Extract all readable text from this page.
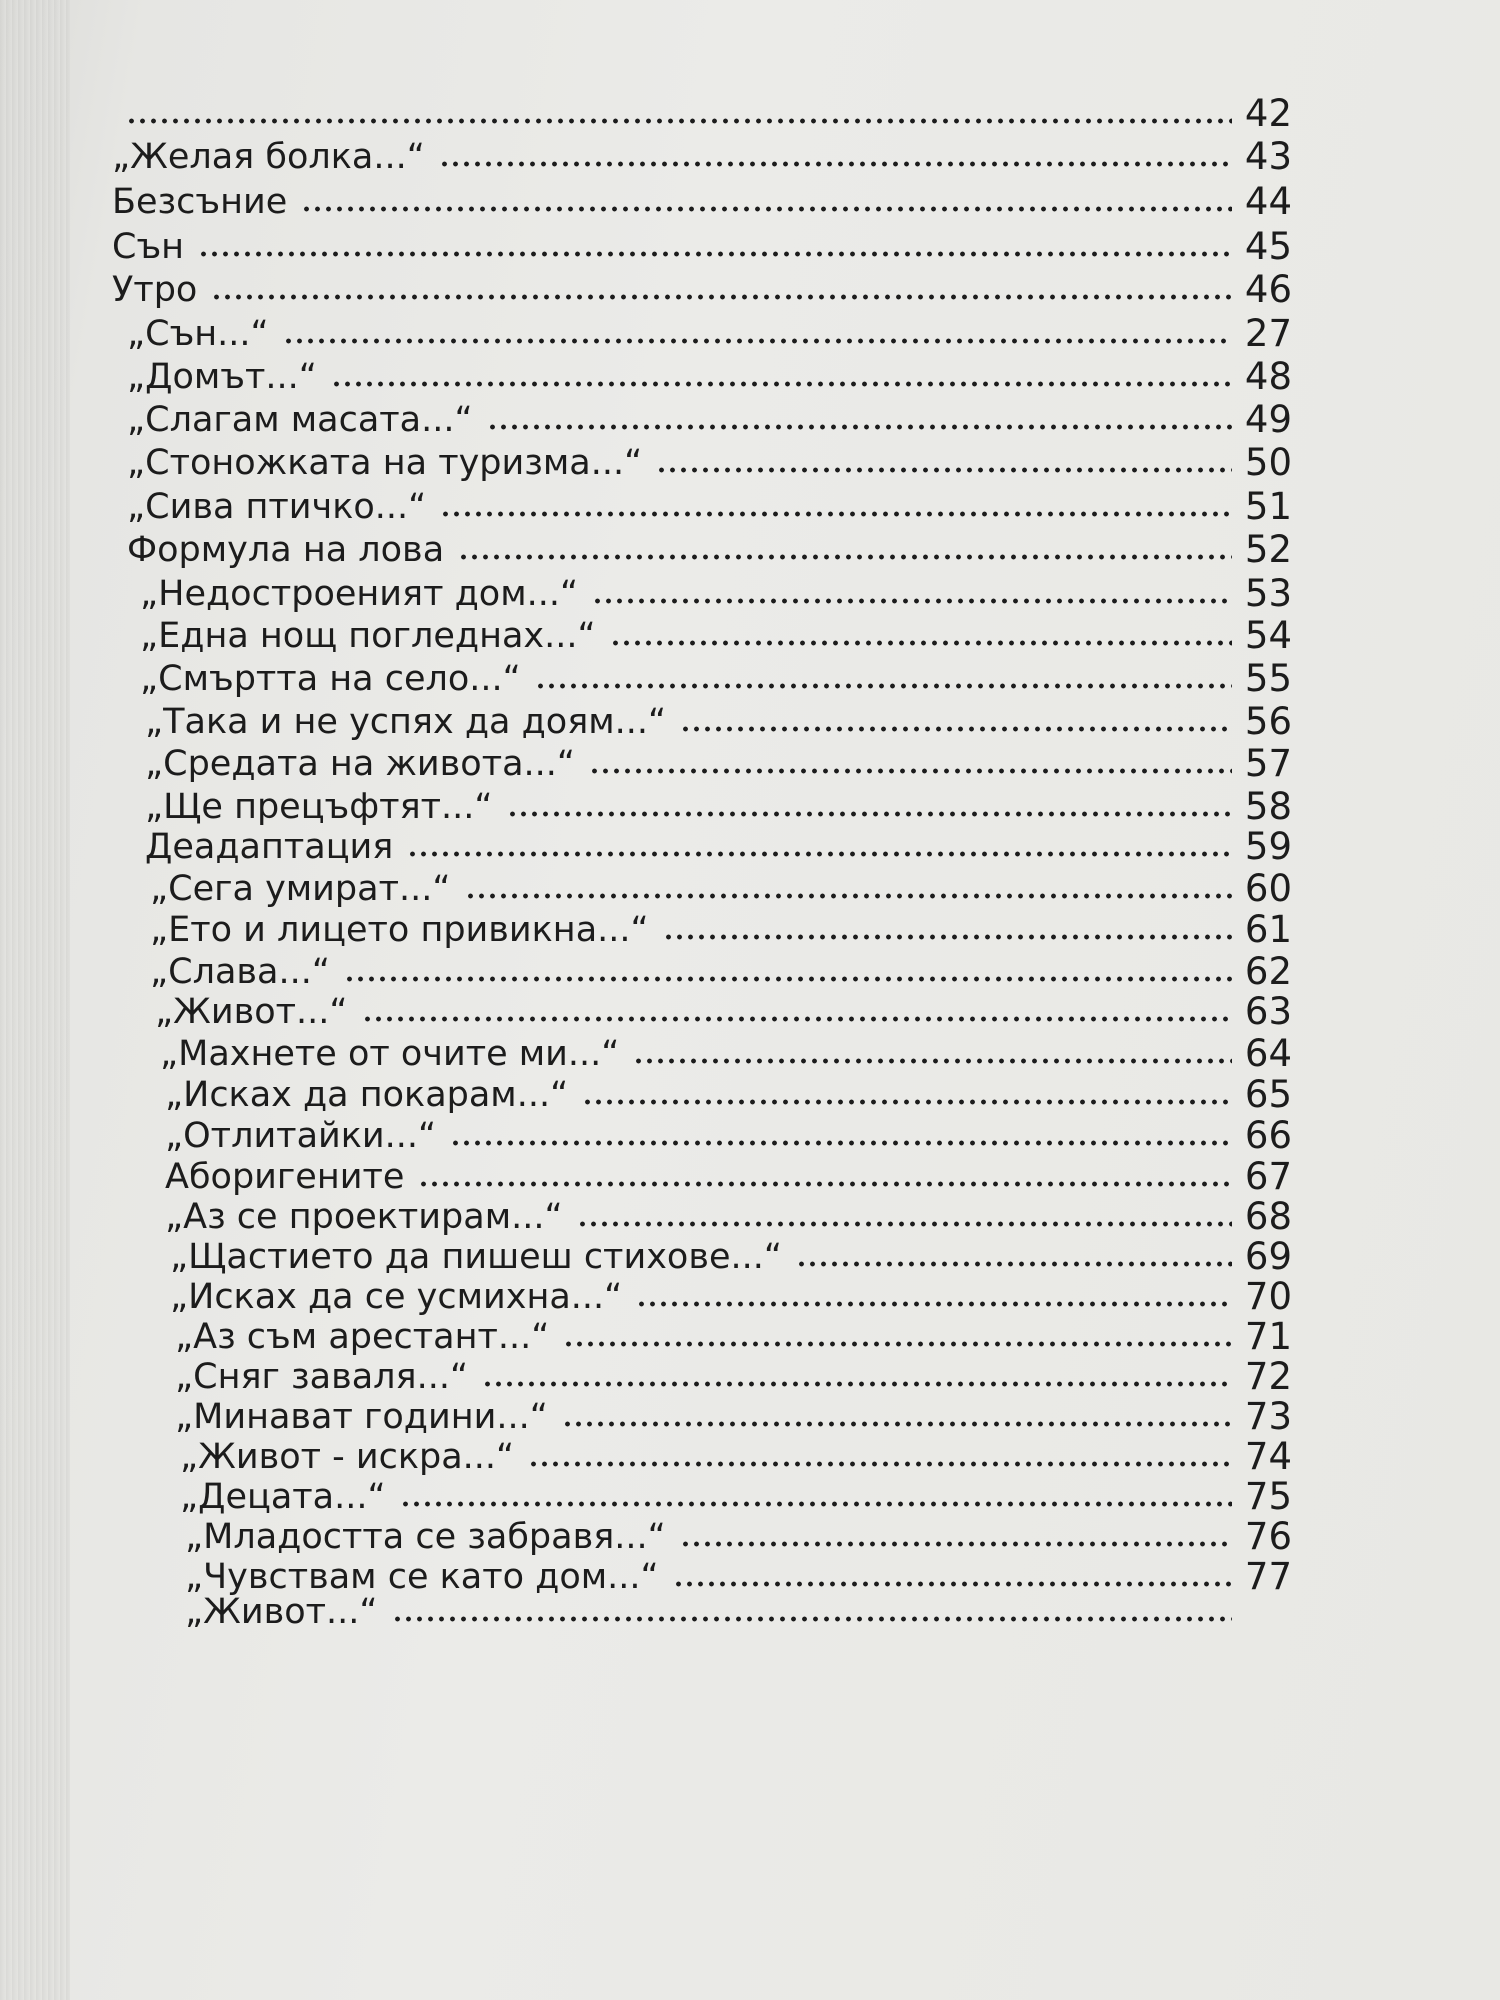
42
„Желая болка...“	43
Безсъние	44
Сън	45
Утро	46
„Сън...“	27
„Домът...“	48
„Слагам масата...“	49
„Стоножката на туризма...“	50
„Сива птичко...“	51
Формула на лова	52
„Недостроеният дом...“	53
„Една нощ погледнах...“	54
„Смъртта на село...“	55
„Така и не успях да доям...“	56
„Средата на живота...“	57
„Ще прецъфтят...“	58
Деадаптация	59
„Сега умират...“	60
„Ето и лицето привикна...“	61
„Слава...“	62
„Живот...“	63
„Махнете от очите ми...“	64
„Исках да покарам...“	65
„Отлитайки...“	66
Аборигените	67
„Аз се проектирам...“	68
„Щастието да пишеш стихове...“	69
„Исках да се усмихна...“	70
„Аз съм арестант...“	71
„Сняг заваля...“	72
„Минават години...“	73
„Живот - искра...“	74
„Децата...“	75
„Младостта се забравя...“	76
„Чувствам се като дом...“	77
„Живот...“
